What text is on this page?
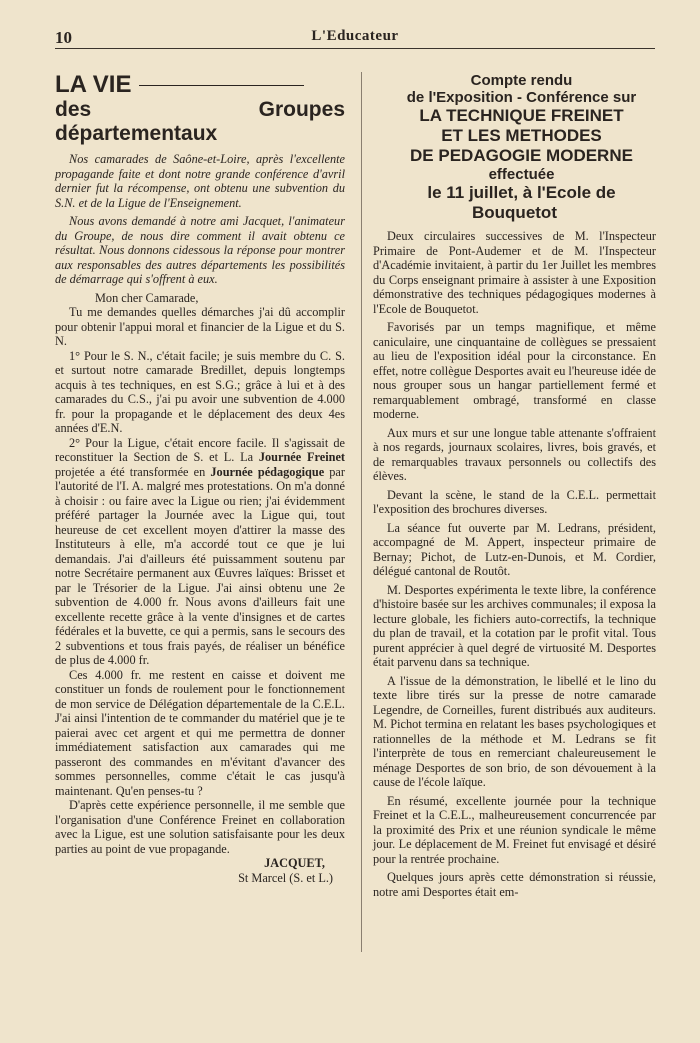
10	L'Educateur
LA VIE
des Groupes départementaux

Nos camarades de Saône-et-Loire, après l'excellente propagande faite et dont notre grande conférence d'avril dernier fut la récompense, ont obtenu une subvention du S.N. et de la Ligue de l'Enseignement.

Nous avons demandé à notre ami Jacquet, l'animateur du Groupe, de nous dire comment il avait obtenu ce résultat. Nous donnons cidessous la réponse pour montrer aux responsables des autres départements les possibilités de démarrage qui s'offrent à eux.

Mon cher Camarade,

Tu me demandes quelles démarches j'ai dû accomplir pour obtenir l'appui moral et financier de la Ligue et du S. N.

1° Pour le S. N., c'était facile; je suis membre du C. S. et surtout notre camarade Bredillet, depuis longtemps acquis à tes techniques, en est S.G.; grâce à lui et à des camarades du C.S., j'ai pu avoir une subvention de 4.000 fr. pour la propagande et le déplacement des deux 4es années d'E.N.

2° Pour la Ligue, c'était encore facile. Il s'agissait de reconstituer la Section de S. et L. La Journée Freinet projetée a été transformée en Journée pédagogique par l'autorité de l'I. A. malgré mes protestations. On m'a donné à choisir : ou faire avec la Ligue ou rien; j'ai évidemment préféré partager la Journée avec la Ligue qui, tout heureuse de cet excellent moyen d'attirer la masse des Instituteurs à elle, m'a accordé tout ce que je lui demandais. J'ai d'ailleurs été puissamment soutenu par notre Secrétaire permanent aux Œuvres laïques: Brisset et par le Trésorier de la Ligue. J'ai ainsi obtenu une 2e subvention de 4.000 fr. Nous avons d'ailleurs fait une excellente recette grâce à la vente d'insignes et de cartes fédérales et la buvette, ce qui a permis, sans le secours des 2 subventions et tous frais payés, de réaliser un bénéfice de plus de 4.000 fr.

Ces 4.000 fr. me restent en caisse et doivent me constituer un fonds de roulement pour le fonctionnement de mon service de Délégation départementale de la C.E.L. J'ai ainsi l'intention de te commander du matériel que je te paierai avec cet argent et qui me permettra de donner immédiatement satisfaction aux camarades qui me passeront des commandes en m'évitant d'avancer des sommes personnelles, comme c'était le cas jusqu'à maintenant. Qu'en penses-tu ?

D'après cette expérience personnelle, il me semble que l'organisation d'une Conférence Freinet en collaboration avec la Ligue, est une solution satisfaisante pour les deux parties au point de vue propagande.

JACQUET,

St Marcel (S. et L.)

Compte rendu

de l'Exposition - Conférence sur

LA TECHNIQUE FREINET

ET LES METHODES

DE PEDAGOGIE MODERNE

effectuée

le 11 juillet, à l'Ecole de Bouquetot

Deux circulaires successives de M. l'Inspecteur Primaire de Pont-Audemer et de M. l'Inspecteur d'Académie invitaient, à partir du 1er Juillet les membres du Corps enseignant primaire à assister à une Exposition démonstrative des techniques pédagogiques modernes à l'Ecole de Bouquetot.

Favorisés par un temps magnifique, et même caniculaire, une cinquantaine de collègues se pressaient au lieu de l'exposition idéal pour la circonstance. En effet, notre collègue Desportes avait eu l'heureuse idée de nous grouper sous un hangar partiellement fermé et remarquablement ombragé, transformé en classe moderne.

Aux murs et sur une longue table attenante s'offraient à nos regards, journaux scolaires, livres, bois gravés, et de remarquables travaux personnels ou collectifs des élèves.

Devant la scène, le stand de la C.E.L. permettait l'exposition des brochures diverses.

La séance fut ouverte par M. Ledrans, président, accompagné de M. Appert, inspecteur primaire de Bernay; Pichot, de Lutz-en-Dunois, et M. Cordier, délégué cantonal de Routôt.

M. Desportes expérimenta le texte libre, la conférence d'histoire basée sur les archives communales; il exposa la lecture globale, les fichiers auto-correctifs, la technique du plan de travail, et la cotation par le profit vital. Tous purent apprécier à quel degré de virtuosité M. Desportes était parvenu dans sa technique.

A l'issue de la démonstration, le libellé et le lino du texte libre tirés sur la presse de notre camarade Legendre, de Corneilles, furent distribués aux auditeurs. M. Pichot termina en relatant les bases psychologiques et rationnelles de la méthode et M. Ledrans se fit l'interprète de tous en remerciant chaleureusement le ménage Desportes de son brio, de son dévouement à la cause de l'école laïque.

En résumé, excellente journée pour la technique Freinet et la C.E.L., malheureusement concurrencée par la proximité des Prix et une réunion syndicale le même jour. Le déplacement de M. Freinet fut envisagé et désiré pour la rentrée prochaine.

Quelques jours après cette démonstration si réussie, notre ami Desportes était em-
